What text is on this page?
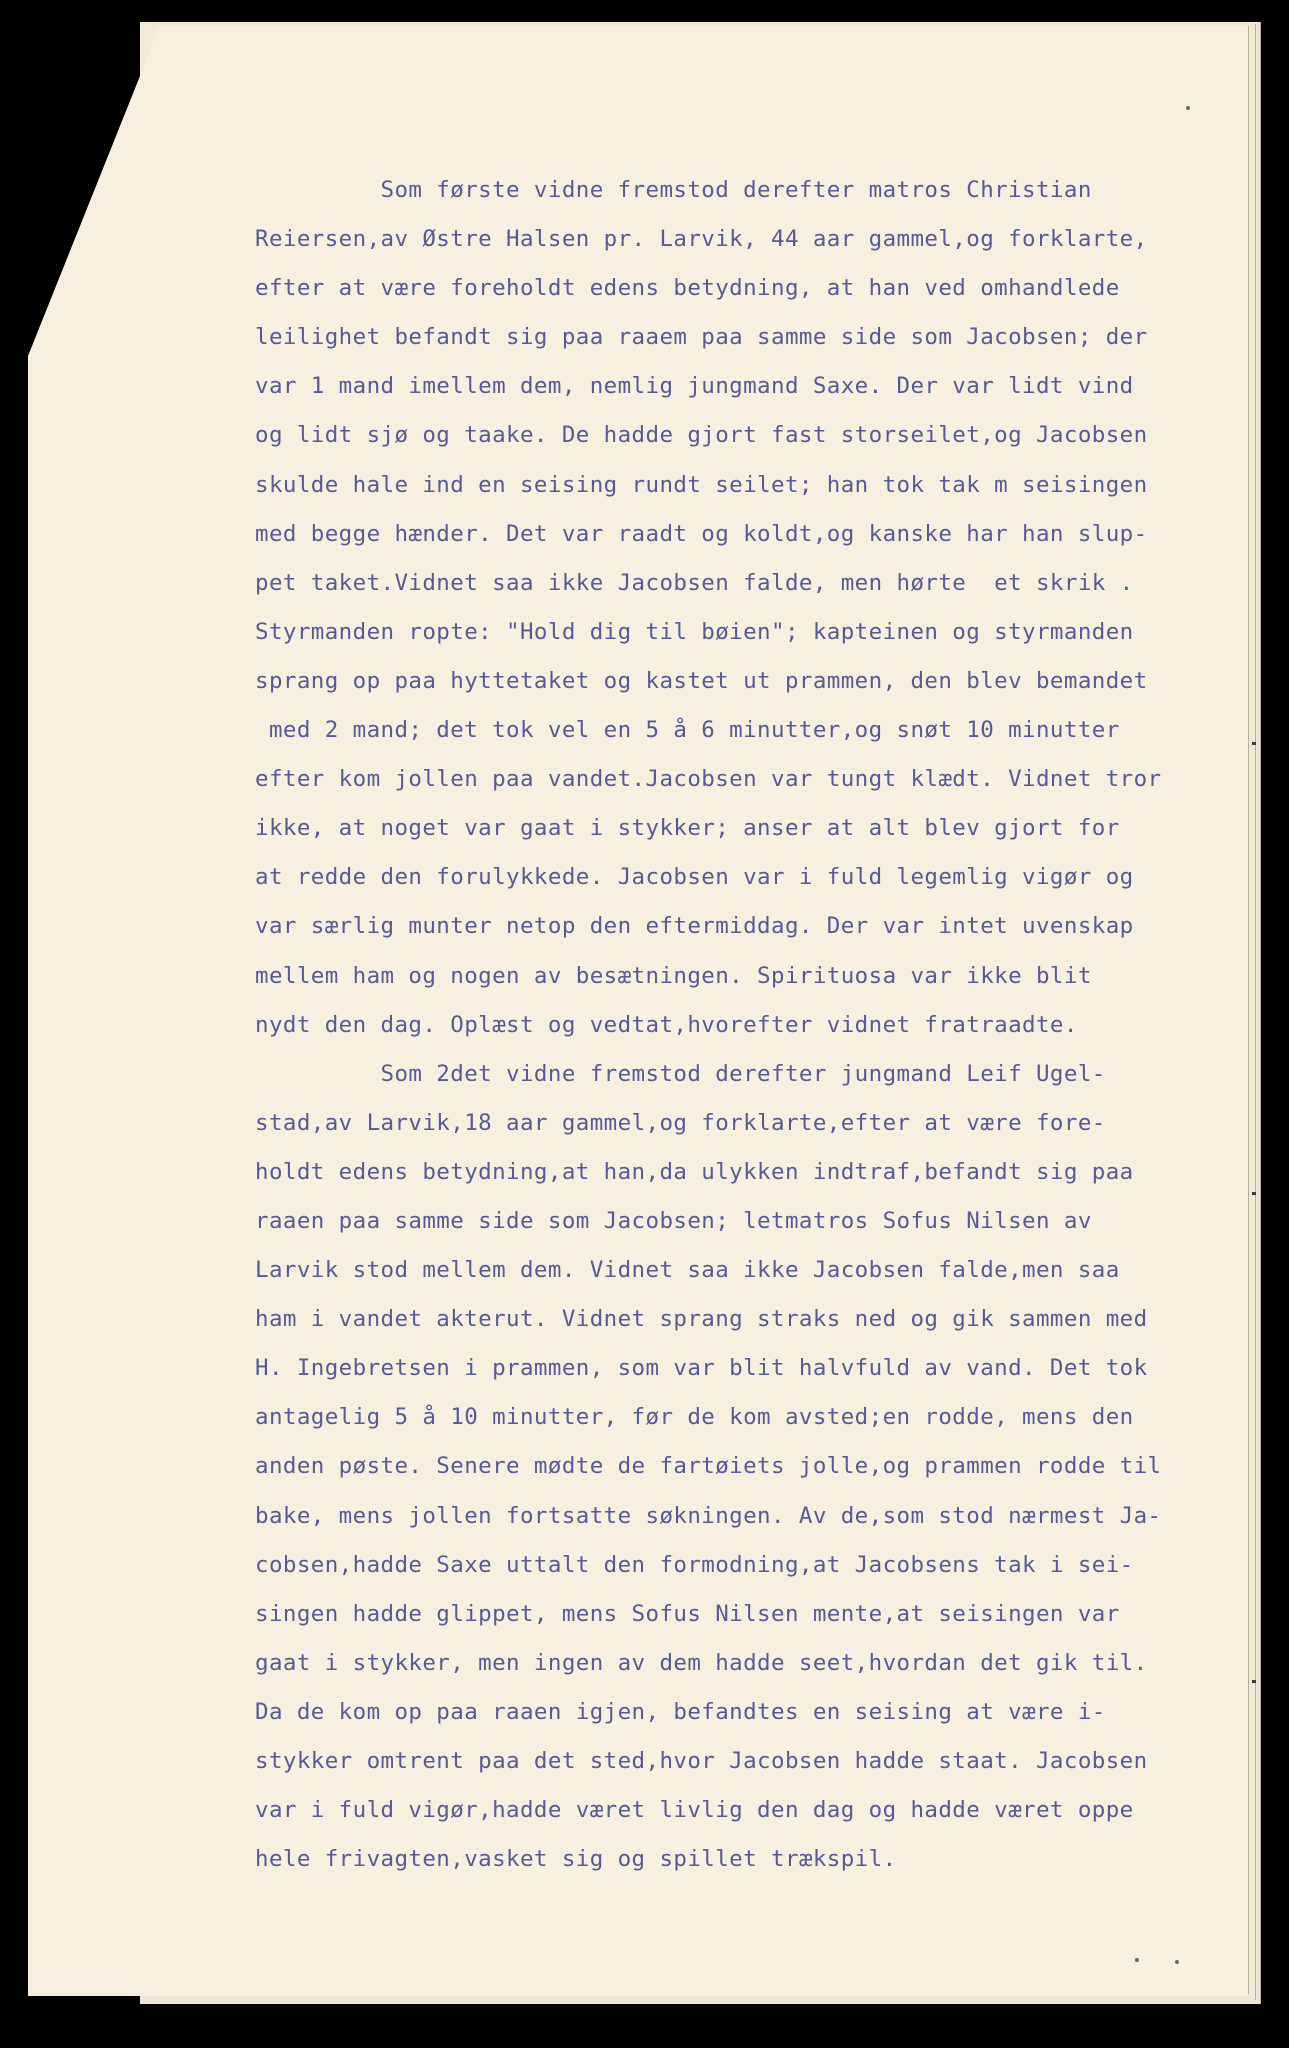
Som første vidne fremstod derefter matros Christian
Reiersen,av Østre Halsen pr. Larvik, 44 aar gammel,og forklarte,
efter at være foreholdt edens betydning, at han ved omhandlede
leilighet befandt sig paa raaem paa samme side som Jacobsen; der
var 1 mand imellem dem, nemlig jungmand Saxe. Der var lidt vind
og lidt sjø og taake. De hadde gjort fast storseilet,og Jacobsen
skulde hale ind en seising rundt seilet; han tok tak m seisingen
med begge hænder. Det var raadt og koldt,og kanske har han slup-
pet taket.Vidnet saa ikke Jacobsen falde, men hørte  et skrik .
Styrmanden ropte: "Hold dig til bøien"; kapteinen og styrmanden
sprang op paa hyttetaket og kastet ut prammen, den blev bemandet
med 2 mand; det tok vel en 5 å 6 minutter,og snøt 10 minutter
efter kom jollen paa vandet.Jacobsen var tungt klædt. Vidnet tror
ikke, at noget var gaat i stykker; anser at alt blev gjort for
at redde den forulykkede. Jacobsen var i fuld legemlig vigør og
var særlig munter netop den eftermiddag. Der var intet uvenskap
mellem ham og nogen av besætningen. Spirituosa var ikke blit
nydt den dag. Oplæst og vedtat,hvorefter vidnet fratraadte.
Som 2det vidne fremstod derefter jungmand Leif Ugel-
stad,av Larvik,18 aar gammel,og forklarte,efter at være fore-
holdt edens betydning,at han,da ulykken indtraf,befandt sig paa
raaen paa samme side som Jacobsen; letmatros Sofus Nilsen av
Larvik stod mellem dem. Vidnet saa ikke Jacobsen falde,men saa
ham i vandet akterut. Vidnet sprang straks ned og gik sammen med
H. Ingebretsen i prammen, som var blit halvfuld av vand. Det tok
antagelig 5 å 10 minutter, før de kom avsted;en rodde, mens den
anden pøste. Senere mødte de fartøiets jolle,og prammen rodde til
bake, mens jollen fortsatte søkningen. Av de,som stod nærmest Ja-
cobsen,hadde Saxe uttalt den formodning,at Jacobsens tak i sei-
singen hadde glippet, mens Sofus Nilsen mente,at seisingen var
gaat i stykker, men ingen av dem hadde seet,hvordan det gik til.
Da de kom op paa raaen igjen, befandtes en seising at være i-
stykker omtrent paa det sted,hvor Jacobsen hadde staat. Jacobsen
var i fuld vigør,hadde været livlig den dag og hadde været oppe
hele frivagten,vasket sig og spillet trækspil.
